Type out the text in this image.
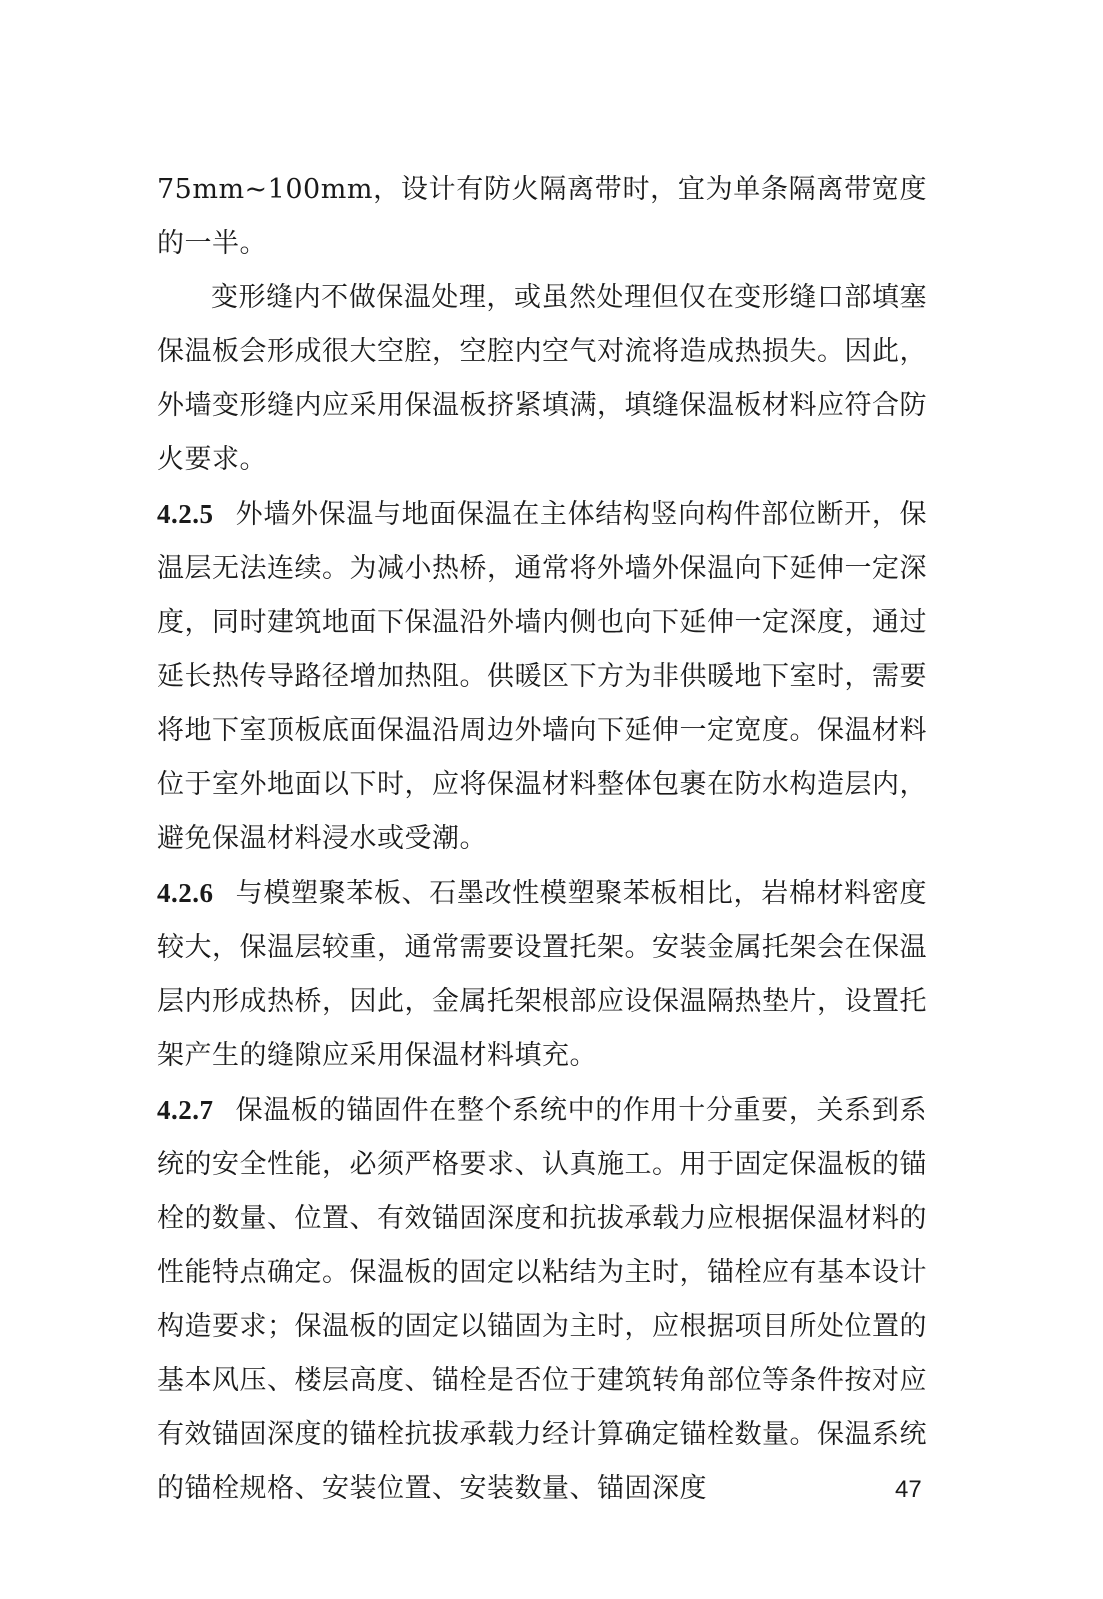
75mm~100mm，设计有防火隔离带时，宜为单条隔离带宽度的一半。

变形缝内不做保温处理，或虽然处理但仅在变形缝口部填塞保温板会形成很大空腔，空腔内空气对流将造成热损失。因此，外墙变形缝内应采用保温板挤紧填满，填缝保温板材料应符合防火要求。

4.2.5 外墙外保温与地面保温在主体结构竖向构件部位断开，保温层无法连续。为减小热桥，通常将外墙外保温向下延伸一定深度，同时建筑地面下保温沿外墙内侧也向下延伸一定深度，通过延长热传导路径增加热阻。供暖区下方为非供暖地下室时，需要将地下室顶板底面保温沿周边外墙向下延伸一定宽度。保温材料位于室外地面以下时，应将保温材料整体包裹在防水构造层内，避免保温材料浸水或受潮。

4.2.6 与模塑聚苯板、石墨改性模塑聚苯板相比，岩棉材料密度较大，保温层较重，通常需要设置托架。安装金属托架会在保温层内形成热桥，因此，金属托架根部应设保温隔热垫片，设置托架产生的缝隙应采用保温材料填充。

4.2.7 保温板的锚固件在整个系统中的作用十分重要，关系到系统的安全性能，必须严格要求、认真施工。用于固定保温板的锚栓的数量、位置、有效锚固深度和抗拔承载力应根据保温材料的性能特点确定。保温板的固定以粘结为主时，锚栓应有基本设计构造要求；保温板的固定以锚固为主时，应根据项目所处位置的基本风压、楼层高度、锚栓是否位于建筑转角部位等条件按对应有效锚固深度的锚栓抗拔承载力经计算确定锚栓数量。保温系统的锚栓规格、安装位置、安装数量、锚固深度	47
